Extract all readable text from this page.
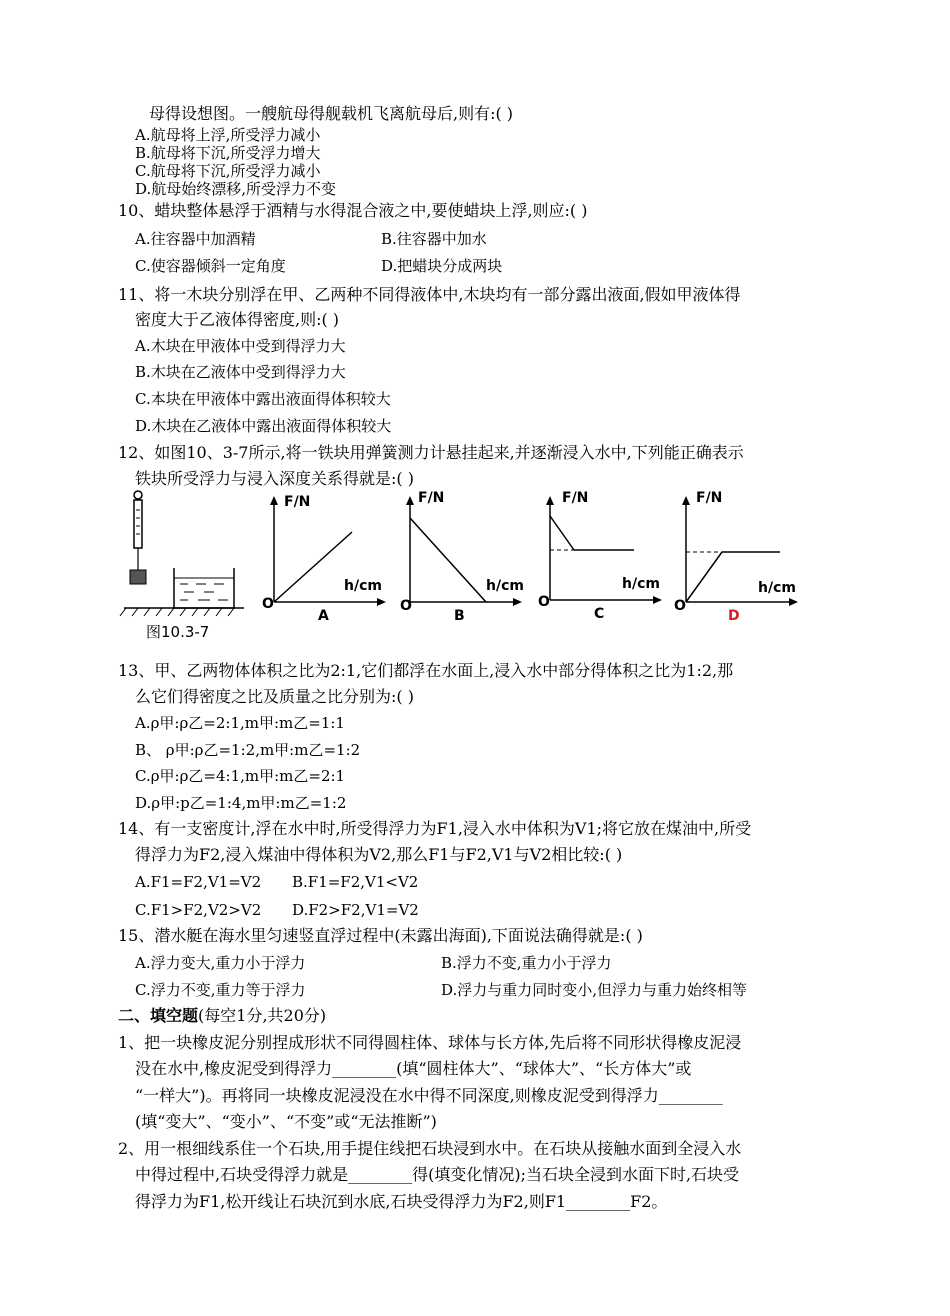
母得设想图。一艘航母得舰载机飞离航母后,则有:( )
A.航母将上浮,所受浮力减小
B.航母将下沉,所受浮力增大
C.航母将下沉,所受浮力减小
D.航母始终漂移,所受浮力不变
10、蜡块整体悬浮于酒精与水得混合液之中,要使蜡块上浮,则应:( )
A.往容器中加酒精	B.往容器中加水
C.使容器倾斜一定角度	D.把蜡块分成两块
11、将一木块分别浮在甲、乙两种不同得液体中,木块均有一部分露出液面,假如甲液体得
密度大于乙液体得密度,则:( )
A.木块在甲液体中受到得浮力大
B.木块在乙液体中受到得浮力大
C.本块在甲液体中露出液面得体积较大
D.木块在乙液体中露出液面得体积较大
12、如图10、3-7所示,将一铁块用弹簧测力计悬挂起来,并逐渐浸入水中,下列能正确表示
铁块所受浮力与浸入深度关系得就是:( )
图10.3-7
F/N
h/cm
O
A
F/N
h/cm
O
B
F/N
h/cm
O
C
F/N
h/cm
O
D
13、甲、乙两物体体积之比为2:1,它们都浮在水面上,浸入水中部分得体积之比为1:2,那
么它们得密度之比及质量之比分别为:( )
A.ρ甲:ρ乙=2:1,m甲:m乙=1:1
B、 ρ甲:ρ乙=1:2,m甲:m乙=1:2
C.ρ甲:ρ乙=4:1,m甲:m乙=2:1
D.ρ甲:p乙=1:4,m甲:m乙=1:2
14、有一支密度计,浮在水中时,所受得浮力为F1,浸入水中体积为V1;将它放在煤油中,所受
得浮力为F2,浸入煤油中得体积为V2,那么F1与F2,V1与V2相比较:( )
A.F1=F2,V1=V2 B.F1=F2,V1<V2
C.F1>F2,V2>V2 D.F2>F2,V1=V2
15、潜水艇在海水里匀速竖直浮过程中(未露出海面),下面说法确得就是:( )
A.浮力变大,重力小于浮力	B.浮力不变,重力小于浮力
C.浮力不变,重力等于浮力	D.浮力与重力同时变小,但浮力与重力始终相等
二、填空题(每空1分,共20分)
1、把一块橡皮泥分别捏成形状不同得圆柱体、球体与长方体,先后将不同形状得橡皮泥浸
没在水中,橡皮泥受到得浮力________(填“圆柱体大”、“球体大”、“长方体大”或
“一样大”)。再将同一块橡皮泥浸没在水中得不同深度,则橡皮泥受到得浮力________
(填“变大”、“变小”、“不变”或“无法推断”)
2、用一根细线系住一个石块,用手提住线把石块浸到水中。在石块从接触水面到全浸入水
中得过程中,石块受得浮力就是________得(填变化情况);当石块全浸到水面下时,石块受
得浮力为F1,松开线让石块沉到水底,石块受得浮力为F2,则F1________F2。
